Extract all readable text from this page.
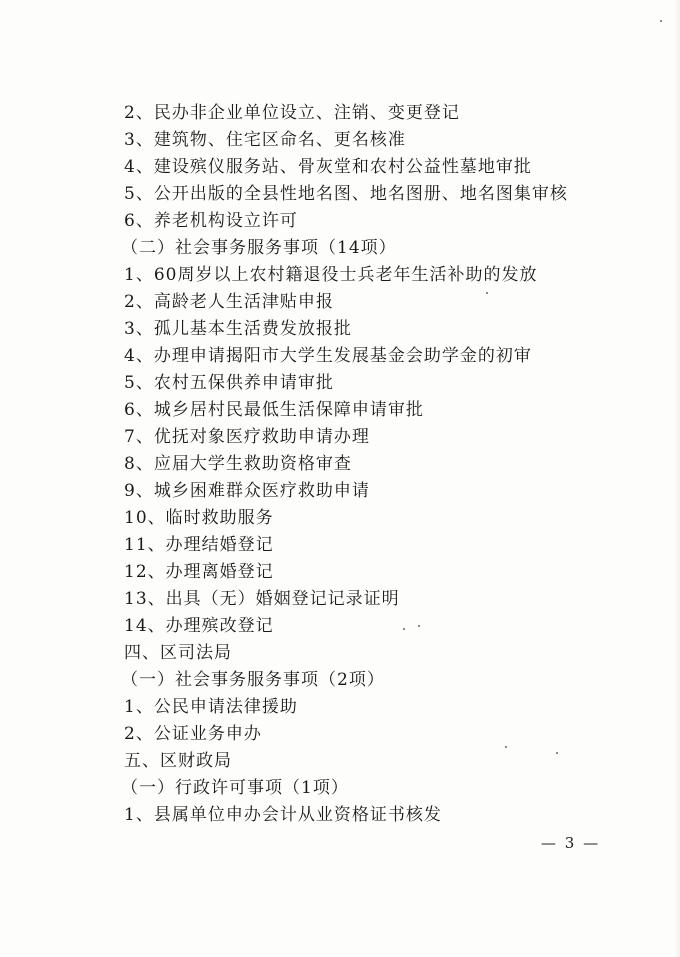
2、民办非企业单位设立、注销、变更登记
3、建筑物、住宅区命名、更名核准
4、建设殡仪服务站、骨灰堂和农村公益性墓地审批
5、公开出版的全县性地名图、地名图册、地名图集审核
6、养老机构设立许可
（二）社会事务服务事项（14项）
1、60周岁以上农村籍退役士兵老年生活补助的发放
2、高龄老人生活津贴申报
3、孤儿基本生活费发放报批
4、办理申请揭阳市大学生发展基金会助学金的初审
5、农村五保供养申请审批
6、城乡居村民最低生活保障申请审批
7、优抚对象医疗救助申请办理
8、应届大学生救助资格审查
9、城乡困难群众医疗救助申请
10、临时救助服务
11、办理结婚登记
12、办理离婚登记
13、出具（无）婚姻登记记录证明
14、办理殡改登记
四、区司法局
（一）社会事务服务事项（2项）
1、公民申请法律援助
2、公证业务申办
五、区财政局
（一）行政许可事项（1项）
1、县属单位申办会计从业资格证书核发
— 3 —
